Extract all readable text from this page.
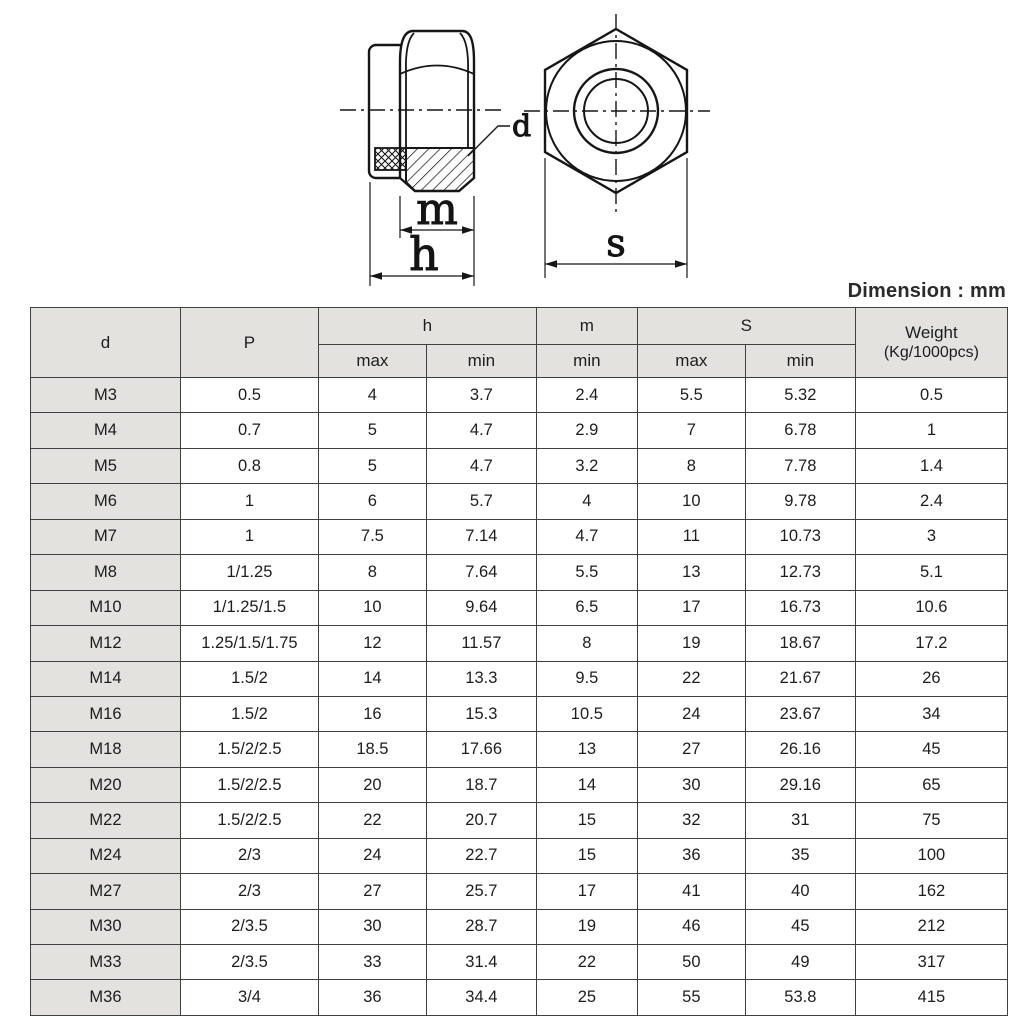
d
m
h	s
Dimension : mm
d	P	h		m	S		Weight
(Kg/1000pcs)

		max	min	min	max	min	
M3	0.5	4	3.7	2.4	5.5	5.32	0.5
M4	0.7	5	4.7	2.9	7	6.78	1
M5	0.8	5	4.7	3.2	8	7.78	1.4
M6	1	6	5.7	4	10	9.78	2.4
M7	1	7.5	7.14	4.7	11	10.73	3
M8	1/1.25	8	7.64	5.5	13	12.73	5.1
M10	1/1.25/1.5	10	9.64	6.5	17	16.73	10.6
M12	1.25/1.5/1.75	12	11.57	8	19	18.67	17.2
M14	1.5/2	14	13.3	9.5	22	21.67	26
M16	1.5/2	16	15.3	10.5	24	23.67	34
M18	1.5/2/2.5	18.5	17.66	13	27	26.16	45
M20	1.5/2/2.5	20	18.7	14	30	29.16	65
M22	1.5/2/2.5	22	20.7	15	32	31	75
M24	2/3	24	22.7	15	36	35	100
M27	2/3	27	25.7	17	41	40	162
M30	2/3.5	30	28.7	19	46	45	212
M33	2/3.5	33	31.4	22	50	49	317
M36	3/4	36	34.4	25	55	53.8	415
